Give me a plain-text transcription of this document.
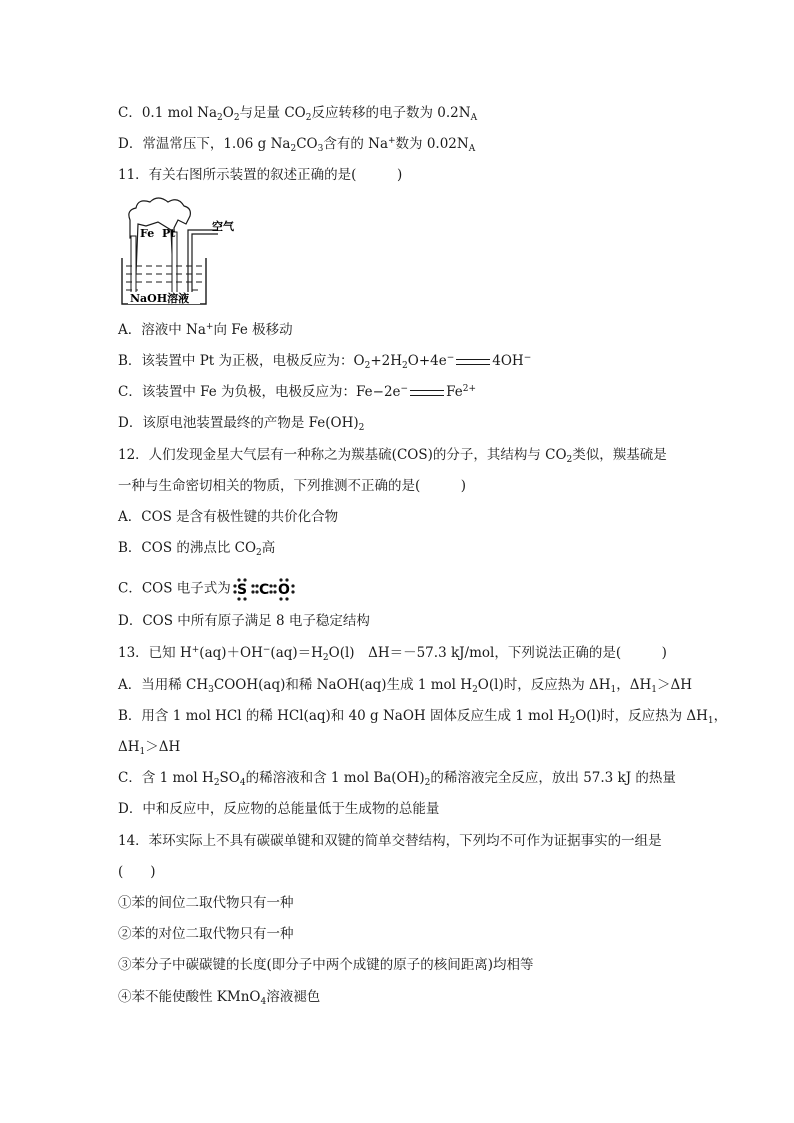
C．0.1 mol $Na_2O_2$与足量 $CO_2$反应转移的电子数为 $0.2N_A$
D．常温常压下，1.06 g $Na_2CO_3$含有的 Na+数为 $0.02N_A$
11．有关右图所示装置的叙述正确的是(　　　)
Fe Pt
空气
NaOH溶液
A．溶液中 Na+向 Fe 极移动
B．该装置中 Pt 为正极，电极反应为：$O_2+2H_2O+4e^-$	4OH−
C．该装置中 Fe 为负极，电极反应为：Fe−2e−	$Fe^{2+}$
D．该原电池装置最终的产物是 $Fe(OH)_2$
12．人们发现金星大气层有一种称之为羰基硫(COS)的分子，其结构与 $CO_2$类似，羰基硫是
一种与生命密切相关的物质，下列推测不正确的是(　　　)
A．COS 是含有极性键的共价化合物
B．COS 的沸点比 $CO_2$高
C．COS 电子式为 S C O
D．COS 中所有原子满足 8 电子稳定结构
13．已知 $H^+(aq)+OH^-(aq)=H_2O(l)$　ΔH＝－57.3 kJ/mol，下列说法正确的是(　　　)
A．当用稀 $CH_3COOH(aq)$和稀 NaOH(aq)生成 1 mol $H_2O(l)$时，反应热为 $\Delta H_1$，$\Delta H_1>\Delta H$
B．用含 1 mol HCl 的稀 HCl(aq)和 40 g NaOH 固体反应生成 1 mol $H_2O(l)$时，反应热为 $\Delta H_1$，
$\Delta H_1>\Delta H$
C．含 1 mol $H_2SO_4$的稀溶液和含 1 mol $Ba(OH)_2$的稀溶液完全反应，放出 57.3 kJ 的热量
D．中和反应中，反应物的总能量低于生成物的总能量
14．苯环实际上不具有碳碳单键和双键的简单交替结构，下列均不可作为证据事实的一组是
(　　)
①苯的间位二取代物只有一种
②苯的对位二取代物只有一种
③苯分子中碳碳键的长度(即分子中两个成键的原子的核间距离)均相等
④苯不能使酸性 KMnO$_4$溶液褪色
